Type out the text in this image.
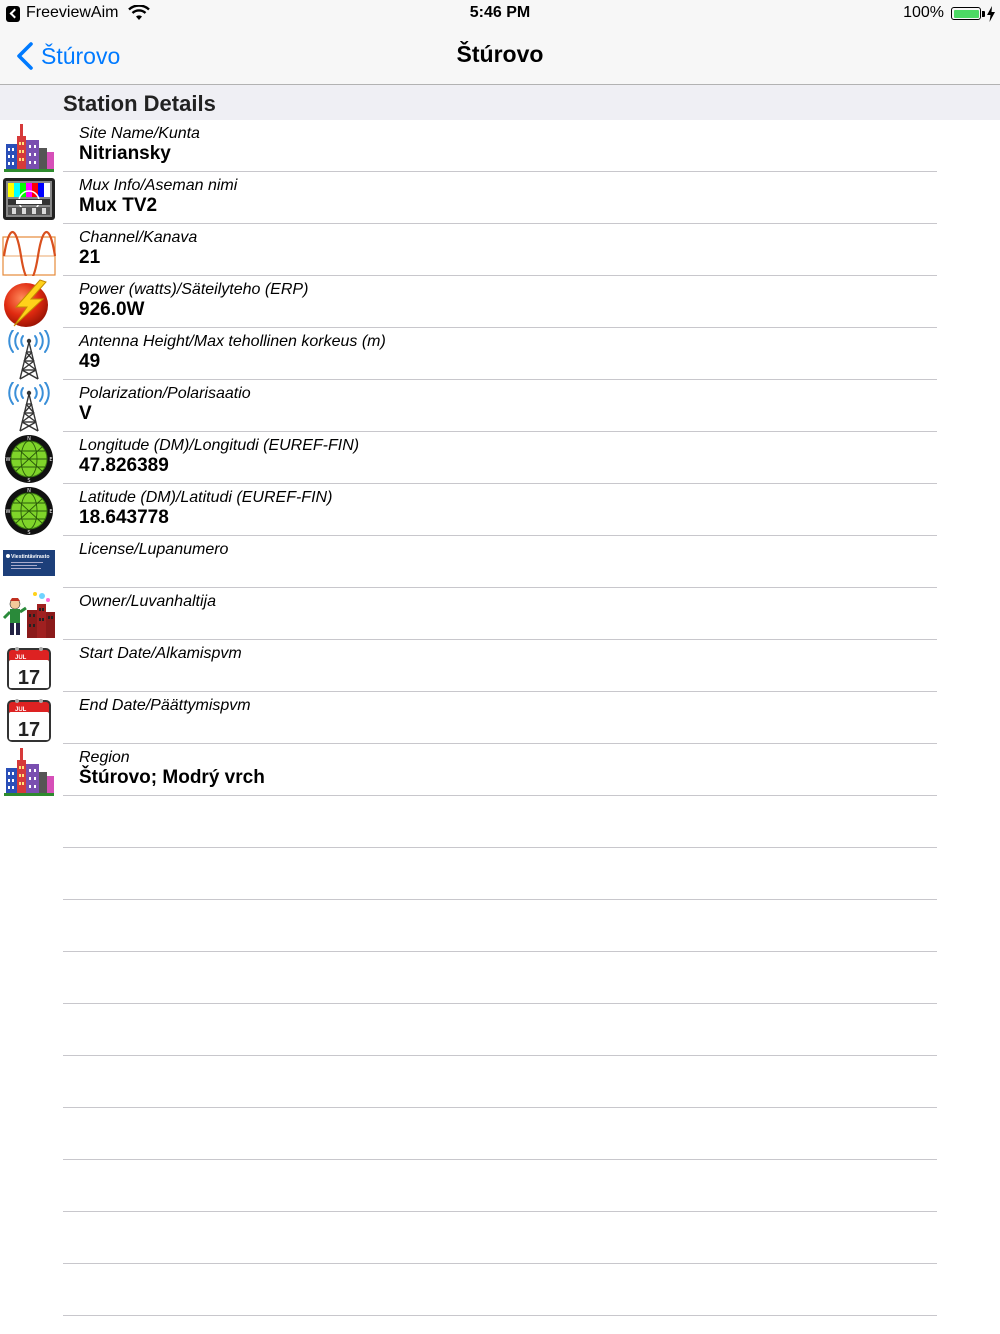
FreeviewAim	5:46 PM	100%
Štúrovo	Štúrovo
Station Details
Site Name/Kunta
Nitriansky
Mux Info/Aseman nimi
Mux TV2
Channel/Kanava
21
Power (watts)/Säteilyteho (ERP)
926.0W
Antenna Height/Max tehollinen korkeus (m)
49
Polarization/Polarisaatio
V
N
S
W	E
Longitude (DM)/Longitudi (EUREF-FIN)
47.826389
N
S
W	E
Latitude (DM)/Latitudi (EUREF-FIN)
18.643778
Viestintävirasto License/Lupanumero
Owner/Luvanhaltija
JUL
17
Start Date/Alkamispvm
JUL
17
End Date/Päättymispvm
Region
Štúrovo; Modrý vrch
